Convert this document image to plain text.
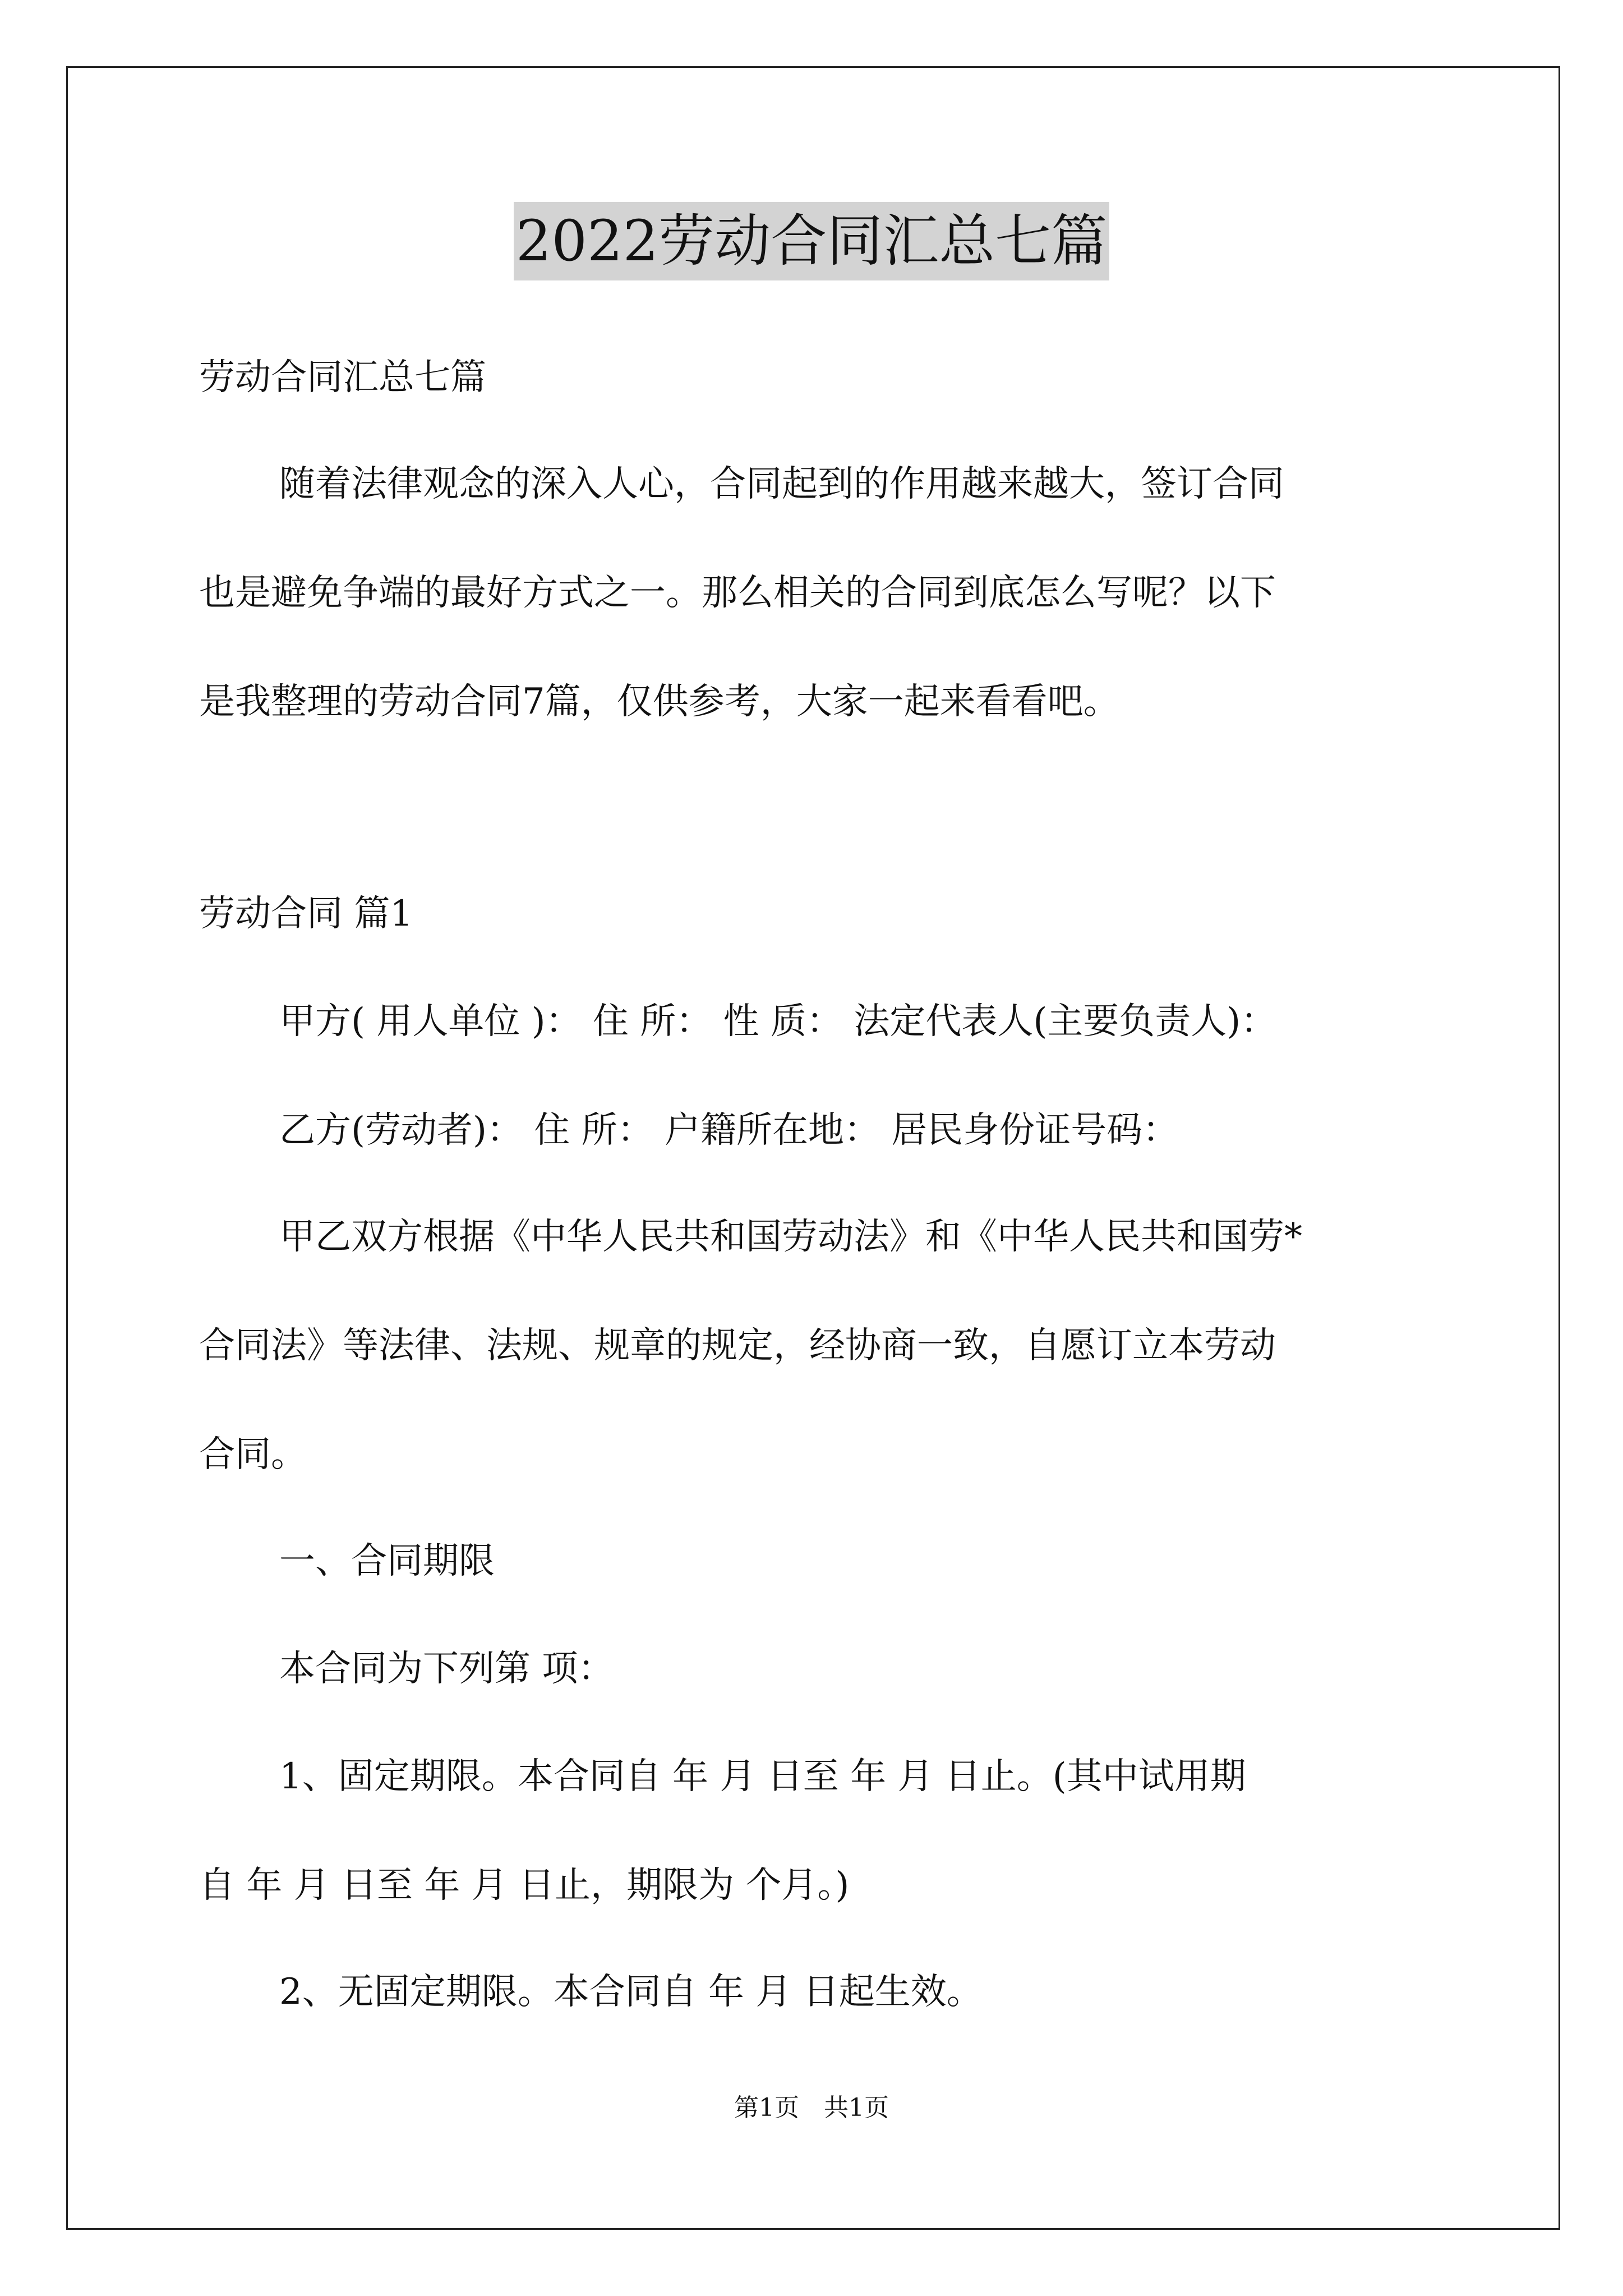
2022劳动合同汇总七篇
劳动合同汇总七篇
随着法律观念的深入人心，合同起到的作用越来越大，签订合同
也是避免争端的最好方式之一。那么相关的合同到底怎么写呢？以下
是我整理的劳动合同7篇，仅供参考，大家一起来看看吧。
劳动合同 篇1
甲方( 用人单位 )： 住 所： 性 质： 法定代表人(主要负责人)：
乙方(劳动者)： 住 所： 户籍所在地： 居民身份证号码：
甲乙双方根据《中华人民共和国劳动法》和《中华人民共和国劳*
合同法》等法律、法规、规章的规定，经协商一致，自愿订立本劳动
合同。
一、合同期限
本合同为下列第 项：
1、固定期限。本合同自 年 月 日至 年 月 日止。(其中试用期
自 年 月 日至 年 月 日止，期限为 个月。)
2、无固定期限。本合同自 年 月 日起生效。
第1页　共1页
